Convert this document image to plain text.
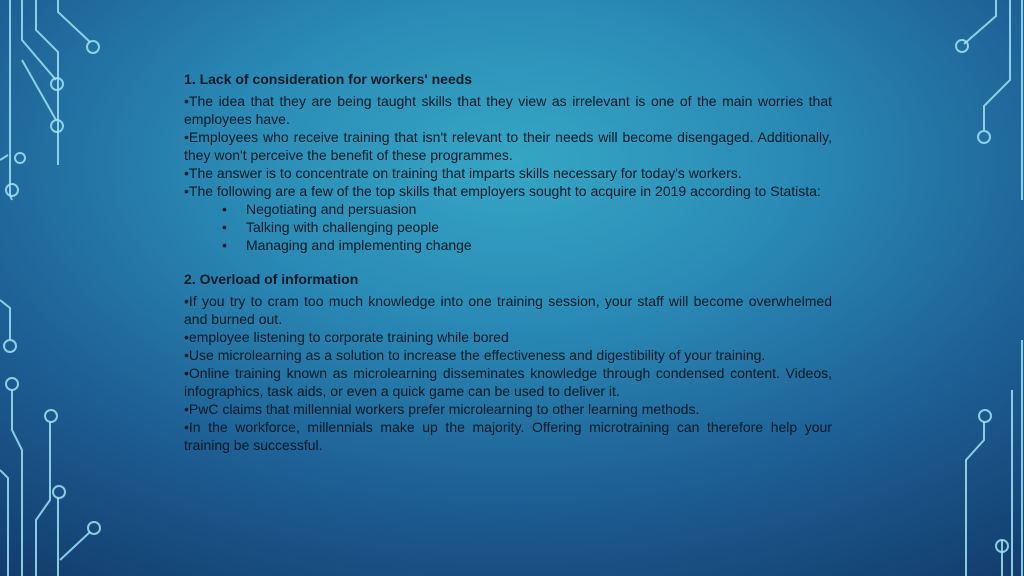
1. Lack of consideration for workers' needs

•The idea that they are being taught skills that they view as irrelevant is one of the main worries that employees have.

•Employees who receive training that isn't relevant to their needs will become disengaged. Additionally, they won't perceive the benefit of these programmes.

•The answer is to concentrate on training that imparts skills necessary for today's workers.

•The following are a few of the top skills that employers sought to acquire in 2019 according to Statista:

• Negotiating and persuasion
• Talking with challenging people
• Managing and implementing change
2. Overload of information

•If you try to cram too much knowledge into one training session, your staff will become overwhelmed and burned out.

•employee listening to corporate training while bored

•Use microlearning as a solution to increase the effectiveness and digestibility of your training.

•Online training known as microlearning disseminates knowledge through condensed content. Videos, infographics, task aids, or even a quick game can be used to deliver it.

•PwC claims that millennial workers prefer microlearning to other learning methods.

•In the workforce, millennials make up the majority. Offering microtraining can therefore help your training be successful.
